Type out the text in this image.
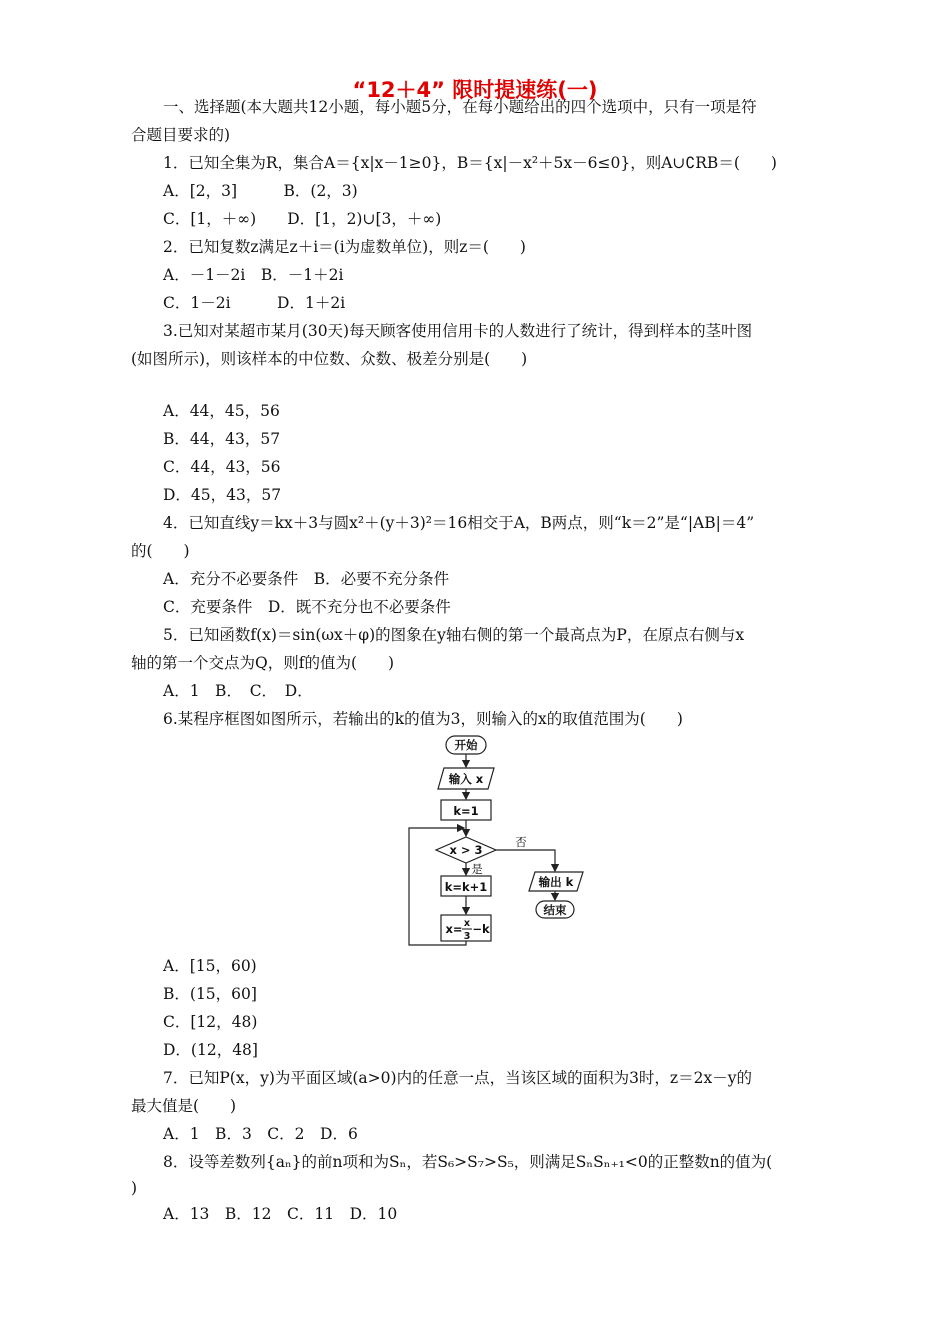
“12＋4” 限时提速练(一)
一、选择题(本大题共12小题，每小题5分，在每小题给出的四个选项中，只有一项是符
合题目要求的)
1．已知全集为R，集合A＝{x|x－1≥0}，B＝{x|－x²＋5x－6≤0}，则A∪∁RB＝(　　)
A．[2，3]　　　B．(2，3)
C．[1，＋∞)　　D．[1，2)∪[3，＋∞)
2．已知复数z满足z＋i＝(i为虚数单位)，则z＝(　　)
A．－1－2i　B．－1＋2i
C．1－2i　　　D．1＋2i
3.已知对某超市某月(30天)每天顾客使用信用卡的人数进行了统计，得到样本的茎叶图
(如图所示)，则该样本的中位数、众数、极差分别是(　　)
A．44，45，56
B．44，43，57
C．44，43，56
D．45，43，57
4．已知直线y＝kx＋3与圆x²＋(y＋3)²＝16相交于A，B两点，则“k＝2”是“|AB|＝4”
的(　　)
A．充分不必要条件　B．必要不充分条件
C．充要条件　D．既不充分也不必要条件
5．已知函数f(x)＝sin(ωx＋φ)的图象在y轴右侧的第一个最高点为P，在原点右侧与x
轴的第一个交点为Q，则f的值为(　　)
A．1　B．　C．　D．
6.某程序框图如图所示，若输出的k的值为3，则输入的x的取值范围为(　　)
开始
输入 x
k=1
x > 3
否
是
k=k+1
x= x
3
−k
输出 k
结束
A．[15，60)
B．(15，60]
C．[12，48)
D．(12，48]
7．已知P(x，y)为平面区域(a>0)内的任意一点，当该区域的面积为3时，z＝2x－y的
最大值是(　　)
A．1　B．3　C．2　D．6
8．设等差数列{aₙ}的前n项和为Sₙ，若S₆>S₇>S₅，则满足SₙSₙ₊₁<0的正整数n的值为(
)
A．13　B．12　C．11　D．10
